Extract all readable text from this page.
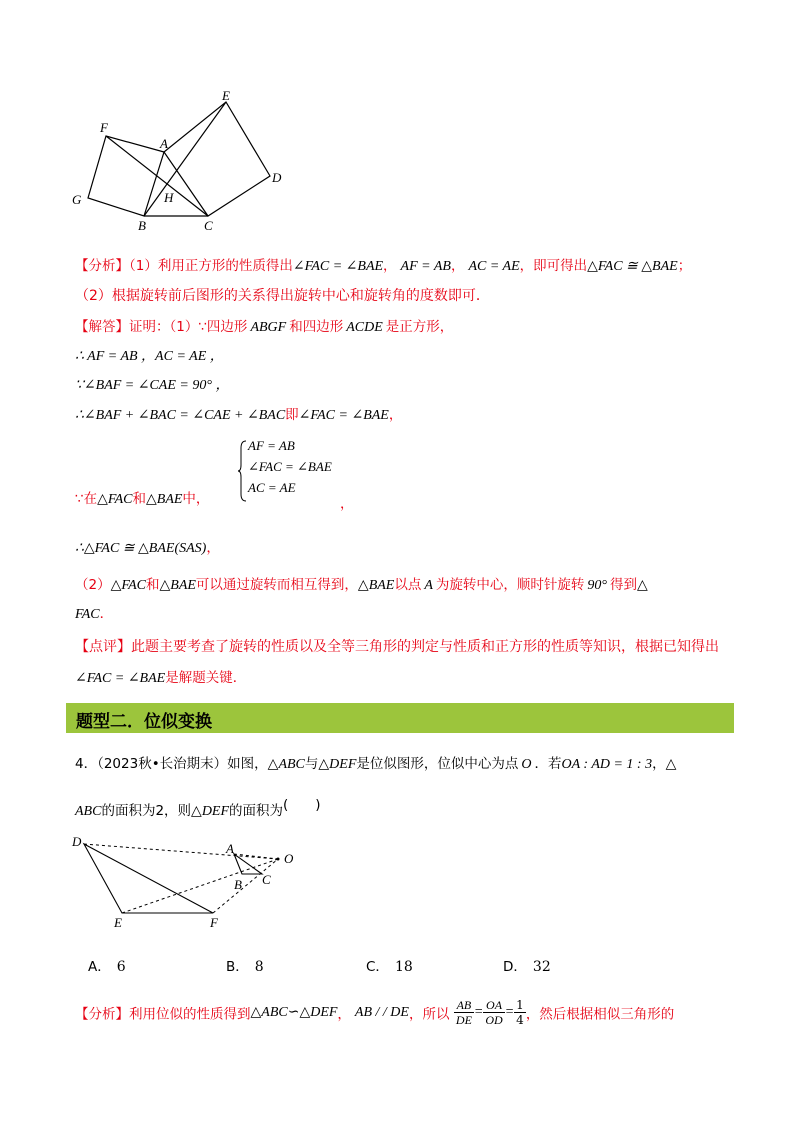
E
F
A
D
G	H
B	C
【分析】（1）利用正方形的性质得出∠FAC = ∠BAE， AF = AB， AC = AE，即可得出△FAC ≅ △BAE；
（2）根据旋转前后图形的关系得出旋转中心和旋转角的度数即可．
【解答】证明：（1）∵四边形 ABGF 和四边形 ACDE 是正方形，
∴ AF = AB ，AC = AE ，
∵∠BAF = ∠CAE = 90° ，
∴∠BAF + ∠BAC = ∠CAE + ∠BAC即∠FAC = ∠BAE，
AF = AB
∠FAC = ∠BAE
AC = AE
∵在△FAC和△BAE中，	，
∴△FAC ≅ △BAE(SAS)，
（2）△FAC和△BAE可以通过旋转而相互得到，△BAE以点 A 为旋转中心，顺时针旋转 90° 得到△
FAC．
【点评】此题主要考查了旋转的性质以及全等三角形的判定与性质和正方形的性质等知识，根据已知得出
∠FAC = ∠BAE是解题关键．
题型二．位似变换
4．（2023秋•长治期末）如图，△ABC与△DEF是位似图形，位似中心为点 O ．若OA : AD = 1 : 3，△
ABC的面积为2，则△DEF的面积为(　　)
D	A
O
B C
E	F
A． 6	B． 8	C． 18	D． 32
【分析】利用位似的性质得到△ABC∽△DEF， AB / / DE，所以 $\frac{AB}{DE} = \frac{OA}{OD} = \frac{1}{4}$ ，然后根据相似三角形的
